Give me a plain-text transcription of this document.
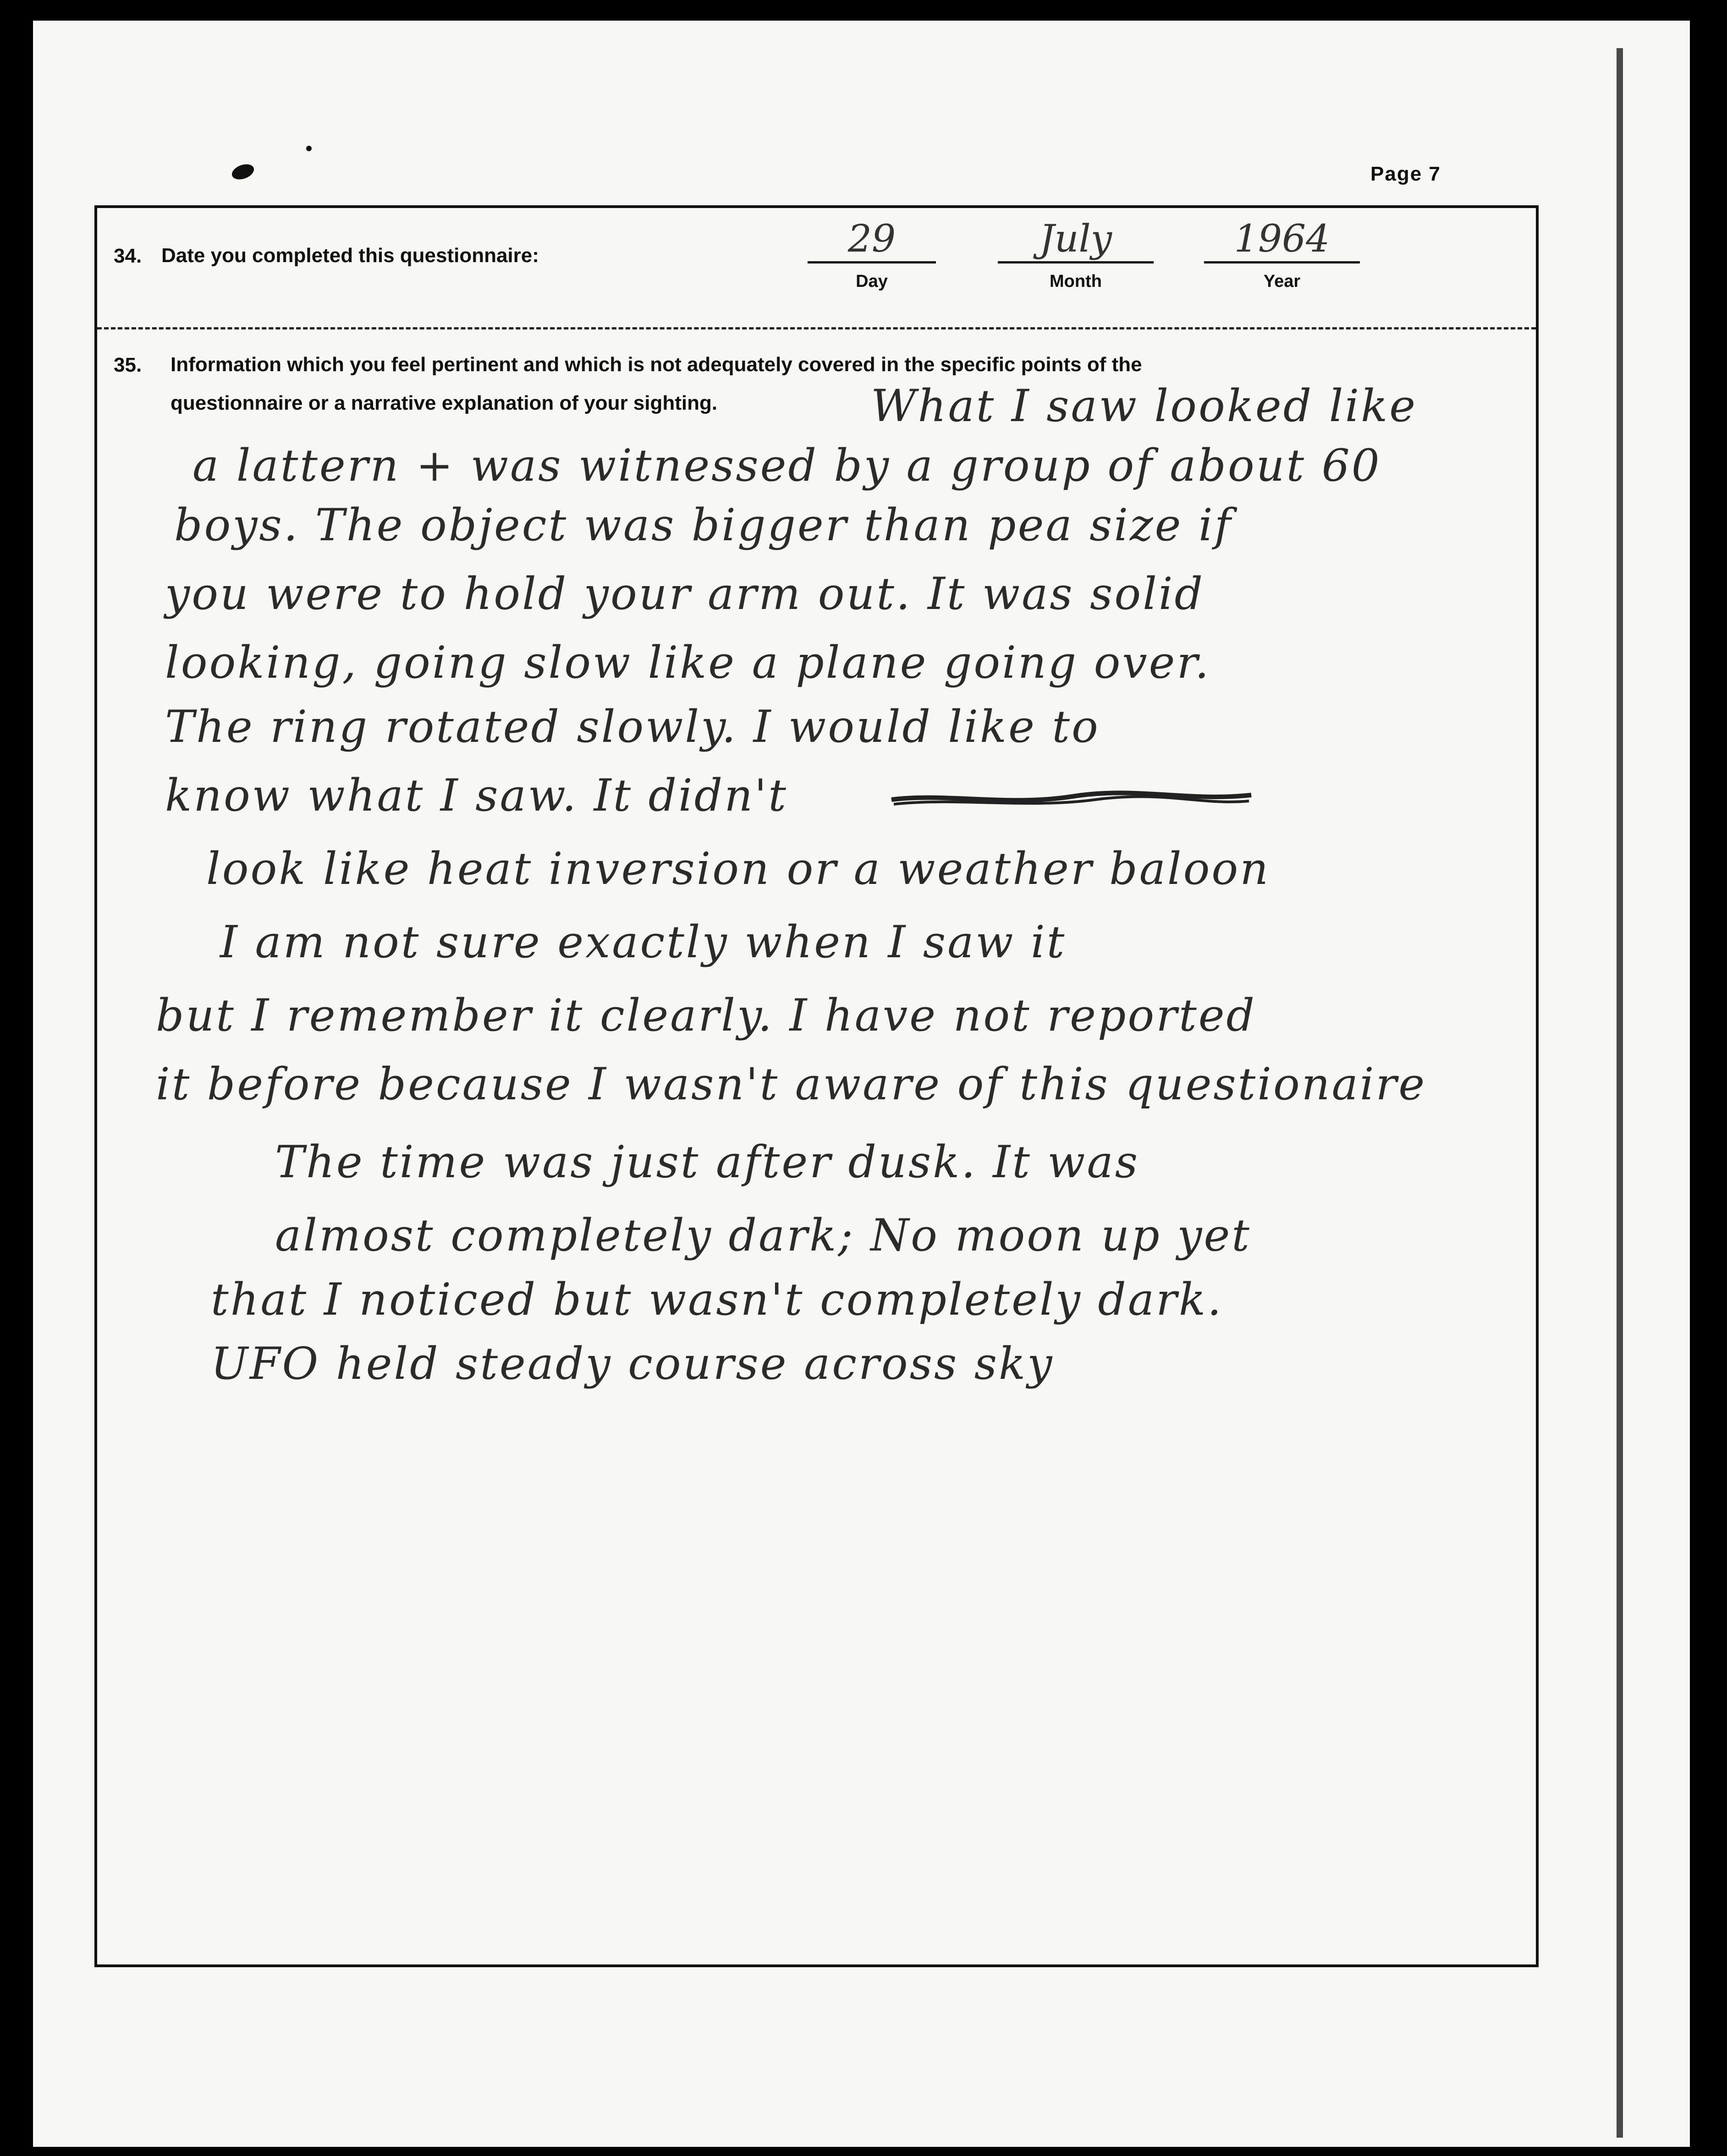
Page 7
34. Date you completed this questionnaire:	29
Day
July
Month
1964
Year
35. Information which you feel pertinent and which is not adequately covered in the specific points of the
questionnaire or a narrative explanation of your sighting.	What I saw looked like
a lattern + was witnessed by a group of about 60
boys. The object was bigger than pea size if
you were to hold your arm out. It was solid
looking, going slow like a plane going over.
The ring rotated slowly. I would like to
know what I saw. It didn't
look like heat inversion or a weather baloon
I am not sure exactly when I saw it
but I remember it clearly. I have not reported
it before because I wasn't aware of this questionaire
The time was just after dusk. It was
almost completely dark; No moon up yet
that I noticed but wasn't completely dark.
UFO held steady course across sky
